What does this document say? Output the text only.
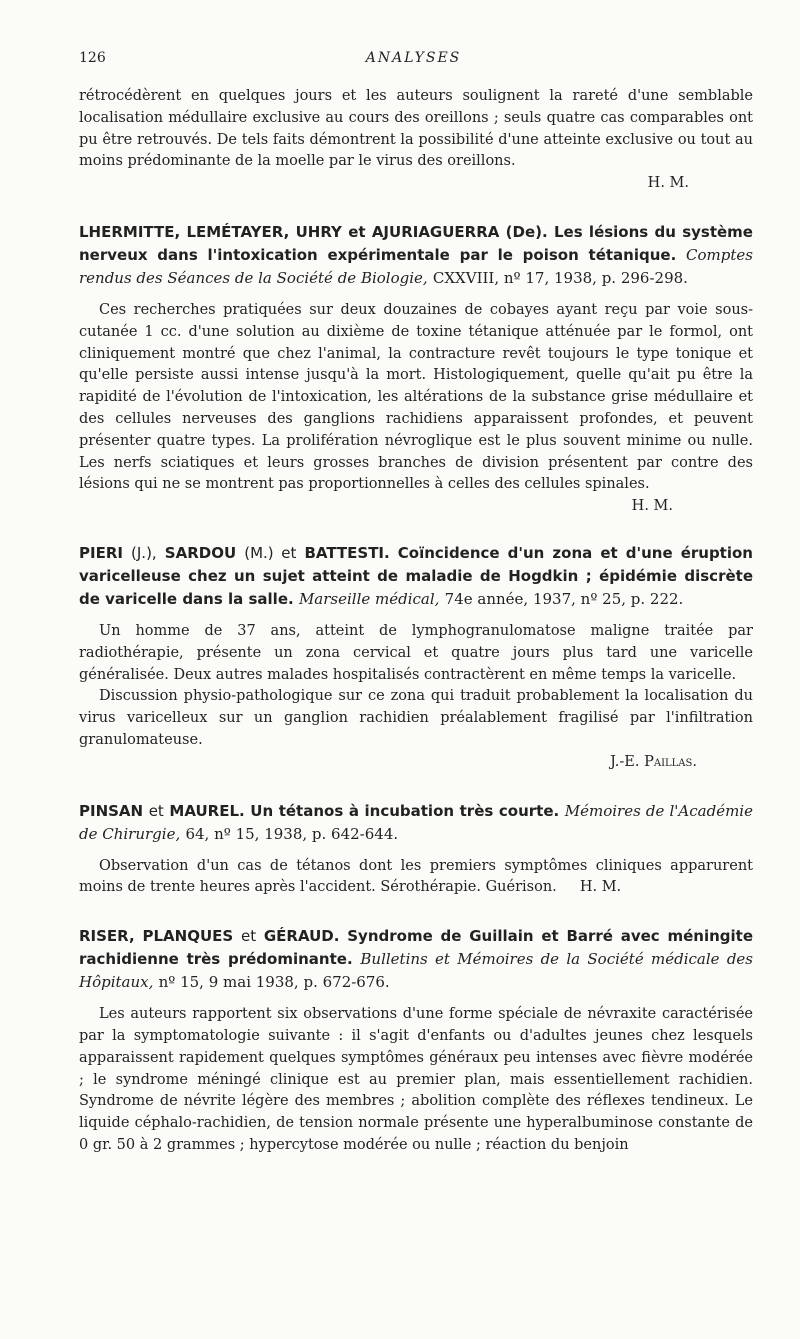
126	ANALYSES

rétrocédèrent en quelques jours et les auteurs soulignent la rareté d'une semblable localisation médullaire exclusive au cours des oreillons ; seuls quatre cas comparables ont pu être retrouvés. De tels faits démontrent la possibilité d'une atteinte exclusive ou tout au moins prédominante de la moelle par le virus des oreillons.

H. M.
LHERMITTE, LEMÉTAYER, UHRY et AJURIAGUERRA (De). Les lésions du système nerveux dans l'intoxication expérimentale par le poison tétanique. Comptes rendus des Séances de la Société de Biologie, CXXVIII, nº 17, 1938, p. 296-298.

Ces recherches pratiquées sur deux douzaines de cobayes ayant reçu par voie sous-cutanée 1 cc. d'une solution au dixième de toxine tétanique atténuée par le formol, ont cliniquement montré que chez l'animal, la contracture revêt toujours le type tonique et qu'elle persiste aussi intense jusqu'à la mort. Histologiquement, quelle qu'ait pu être la rapidité de l'évolution de l'intoxication, les altérations de la substance grise médullaire et des cellules nerveuses des ganglions rachidiens apparaissent profondes, et peuvent présenter quatre types. La prolifération névroglique est le plus souvent minime ou nulle. Les nerfs sciatiques et leurs grosses branches de division présentent par contre des lésions qui ne se montrent pas proportionnelles à celles des cellules spinales.

H. M.
PIERI (J.), SARDOU (M.) et BATTESTI. Coïncidence d'un zona et d'une éruption varicelleuse chez un sujet atteint de maladie de Hogdkin ; épidémie discrète de varicelle dans la salle. Marseille médical, 74e année, 1937, nº 25, p. 222.

Un homme de 37 ans, atteint de lymphogranulomatose maligne traitée par radiothérapie, présente un zona cervical et quatre jours plus tard une varicelle généralisée. Deux autres malades hospitalisés contractèrent en même temps la varicelle.

Discussion physio-pathologique sur ce zona qui traduit probablement la localisation du virus varicelleux sur un ganglion rachidien préalablement fragilisé par l'infiltration granulomateuse.

J.-E. Paillas.
PINSAN et MAUREL. Un tétanos à incubation très courte. Mémoires de l'Académie de Chirurgie, 64, nº 15, 1938, p. 642-644.

Observation d'un cas de tétanos dont les premiers symptômes cliniques apparurent moins de trente heures après l'accident. Sérothérapie. Guérison. H. M.

RISER, PLANQUES et GÉRAUD. Syndrome de Guillain et Barré avec méningite rachidienne très prédominante. Bulletins et Mémoires de la Société médicale des Hôpitaux, nº 15, 9 mai 1938, p. 672-676.

Les auteurs rapportent six observations d'une forme spéciale de névraxite caractérisée par la symptomatologie suivante : il s'agit d'enfants ou d'adultes jeunes chez lesquels apparaissent rapidement quelques symptômes généraux peu intenses avec fièvre modérée ; le syndrome méningé clinique est au premier plan, mais essentiellement rachidien. Syndrome de névrite légère des membres ; abolition complète des réflexes tendineux. Le liquide céphalo-rachidien, de tension normale présente une hyperalbuminose constante de 0 gr. 50 à 2 grammes ; hypercytose modérée ou nulle ; réaction du benjoin
